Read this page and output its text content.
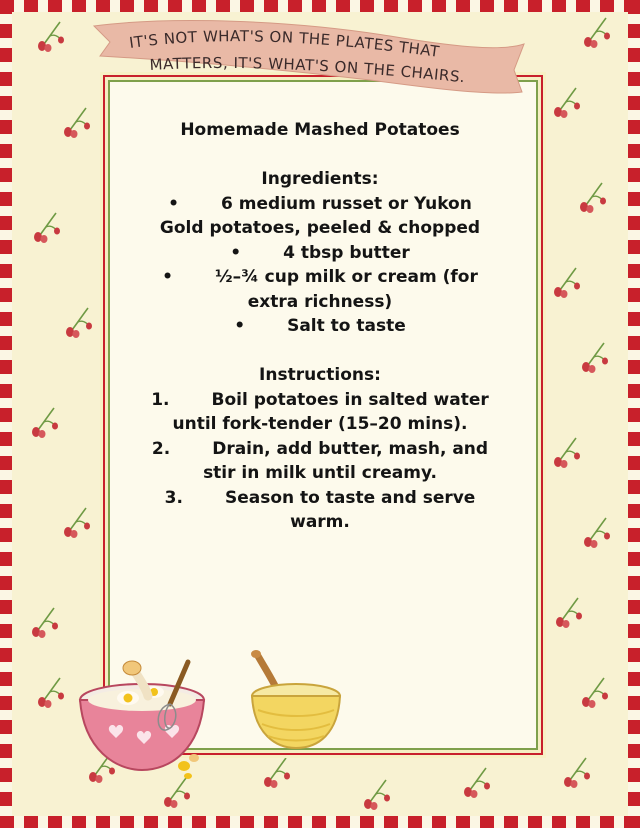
IT'S NOT WHAT'S ON THE PLATES THAT
MATTERS, IT'S WHAT'S ON THE CHAIRS.
Homemade Mashed Potatoes
Ingredients:
• 6 medium russet or Yukon Gold potatoes, peeled & chopped
• 4 tbsp butter
• ½–¾ cup milk or cream (for extra richness)
• Salt to taste
Instructions:
1. Boil potatoes in salted water until fork-tender (15–20 mins).
2. Drain, add butter, mash, and stir in milk until creamy.
3. Season to taste and serve warm.
